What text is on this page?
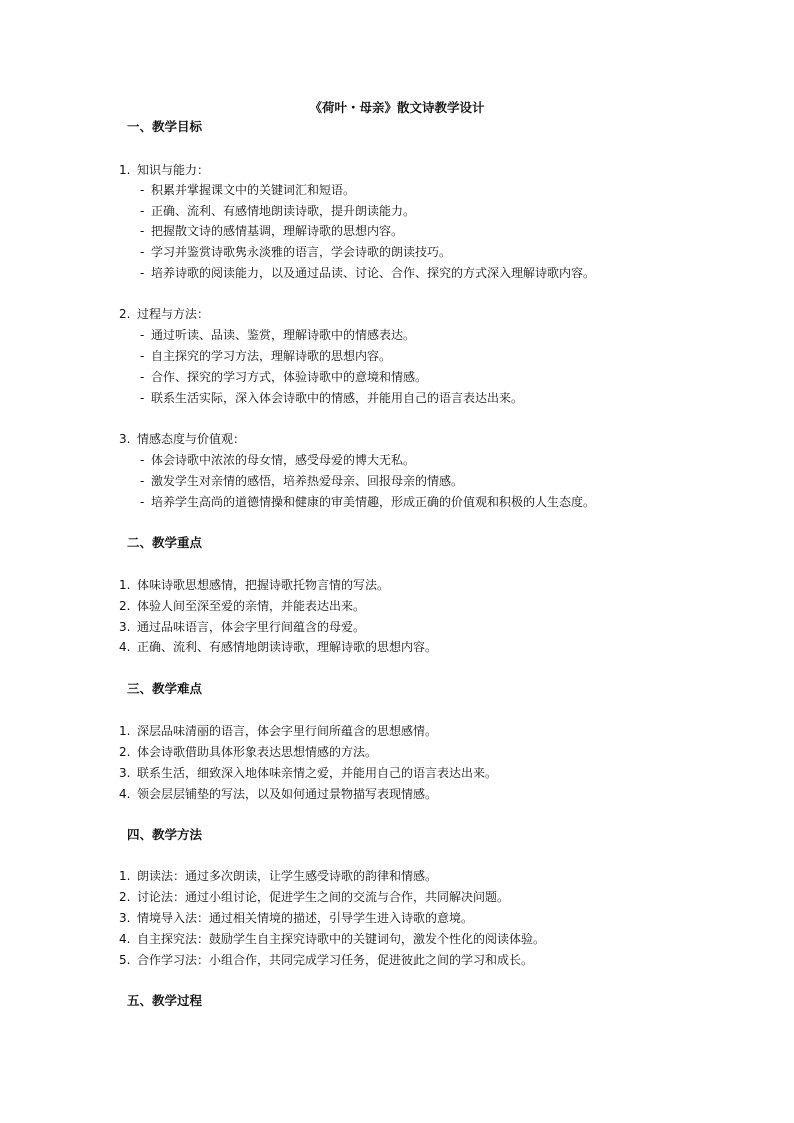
《荷叶・母亲》散文诗教学设计
一、教学目标
1. 知识与能力：
- 积累并掌握课文中的关键词汇和短语。
- 正确、流利、有感情地朗读诗歌，提升朗读能力。
- 把握散文诗的感情基调，理解诗歌的思想内容。
- 学习并鉴赏诗歌隽永淡雅的语言，学会诗歌的朗读技巧。
- 培养诗歌的阅读能力，以及通过品读、讨论、合作、探究的方式深入理解诗歌内容。
2. 过程与方法：
- 通过听读、品读、鉴赏，理解诗歌中的情感表达。
- 自主探究的学习方法，理解诗歌的思想内容。
- 合作、探究的学习方式，体验诗歌中的意境和情感。
- 联系生活实际，深入体会诗歌中的情感，并能用自己的语言表达出来。
3. 情感态度与价值观：
- 体会诗歌中浓浓的母女情，感受母爱的博大无私。
- 激发学生对亲情的感悟，培养热爱母亲、回报母亲的情感。
- 培养学生高尚的道德情操和健康的审美情趣，形成正确的价值观和积极的人生态度。
二、教学重点
1. 体味诗歌思想感情，把握诗歌托物言情的写法。
2. 体验人间至深至爱的亲情，并能表达出来。
3. 通过品味语言，体会字里行间蕴含的母爱。
4. 正确、流利、有感情地朗读诗歌，理解诗歌的思想内容。
三、教学难点
1. 深层品味清丽的语言，体会字里行间所蕴含的思想感情。
2. 体会诗歌借助具体形象表达思想情感的方法。
3. 联系生活，细致深入地体味亲情之爱，并能用自己的语言表达出来。
4. 领会层层铺垫的写法，以及如何通过景物描写表现情感。
四、教学方法
1. 朗读法：通过多次朗读，让学生感受诗歌的韵律和情感。
2. 讨论法：通过小组讨论，促进学生之间的交流与合作，共同解决问题。
3. 情境导入法：通过相关情境的描述，引导学生进入诗歌的意境。
4. 自主探究法：鼓励学生自主探究诗歌中的关键词句，激发个性化的阅读体验。
5. 合作学习法：小组合作，共同完成学习任务，促进彼此之间的学习和成长。
五、教学过程
